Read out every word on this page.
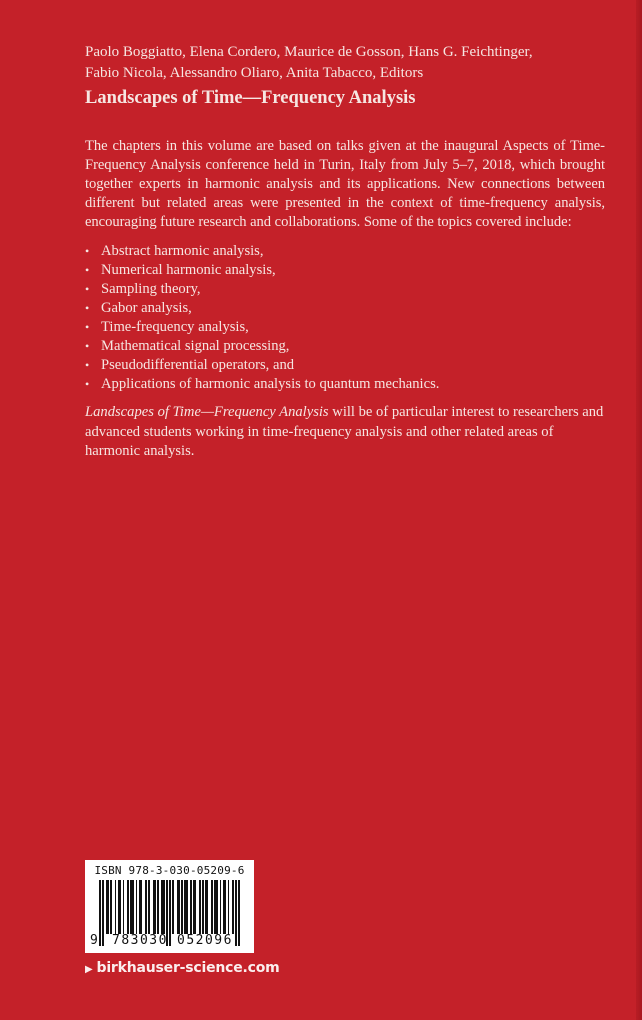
Paolo Boggiatto, Elena Cordero, Maurice de Gosson, Hans G. Feichtinger,
Fabio Nicola, Alessandro Oliaro, Anita Tabacco, Editors

Landscapes of Time—Frequency Analysis

The chapters in this volume are based on talks given at the inaugural Aspects of Time-Frequency Analysis conference held in Turin, Italy from July 5–7, 2018, which brought together experts in harmonic analysis and its applications. New connections between different but related areas were presented in the context of time-frequency analysis, encouraging future research and collaborations. Some of the topics covered include:

• Abstract harmonic analysis,
• Numerical harmonic analysis,
• Sampling theory,
• Gabor analysis,
• Time-frequency analysis,
• Mathematical signal processing,
• Pseudodifferential operators, and
• Applications of harmonic analysis to quantum mechanics.

Landscapes of Time—Frequency Analysis will be of particular interest to researchers and advanced students working in time-frequency analysis and other related areas of harmonic analysis.

ISBN 978-3-030-05209-6
9 783030 052096
▶ birkhauser-science.com
